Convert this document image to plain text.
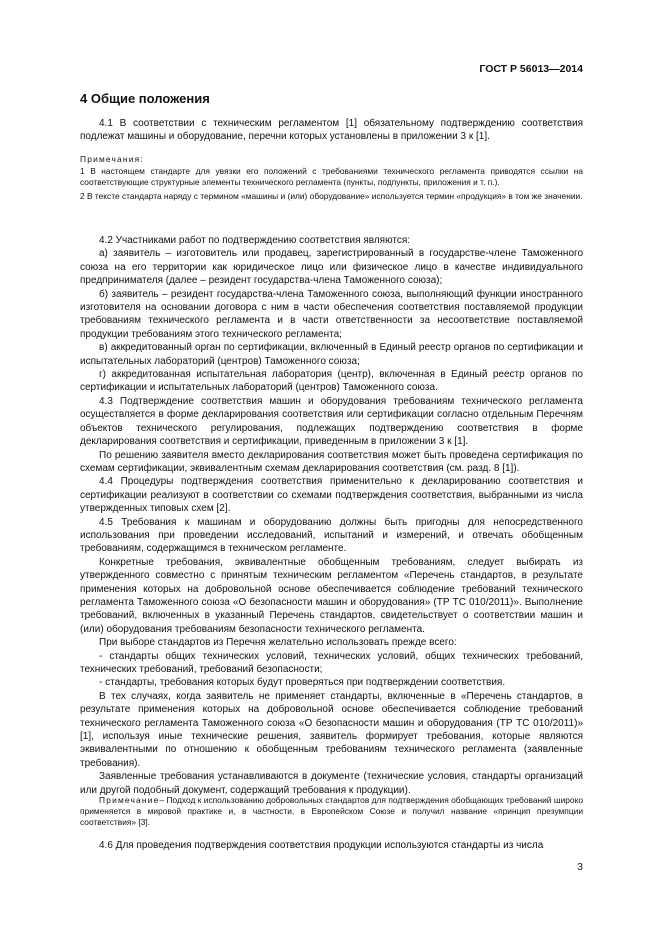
ГОСТ Р 56013—2014
4 Общие положения

4.1 В соответствии с техническим регламентом [1] обязательному подтверждению соответствия подлежат машины и оборудование, перечни которых установлены в приложении 3 к [1].

Примечания:

1 В настоящем стандарте для увязки его положений с требованиями технического регламента приводятся ссылки на соответствующие структурные элементы технического регламента (пункты, подпункты, приложения и т. п.).

2 В тексте стандарта наряду с термином «машины и (или) оборудование» используется термин «продукция» в том же значении.

4.2 Участниками работ по подтверждению соответствия являются:

а) заявитель – изготовитель или продавец, зарегистрированный в государстве-члене Таможенного союза на его территории как юридическое лицо или физическое лицо в качестве индивидуального предпринимателя (далее – резидент государства-члена Таможенного союза);

б) заявитель – резидент государства-члена Таможенного союза, выполняющий функции иностранного изготовителя на основании договора с ним в части обеспечения соответствия поставляемой продукции требованиям технического регламента и в части ответственности за несоответствие поставляемой продукции требованиям этого технического регламента;

в) аккредитованный орган по сертификации, включенный в Единый реестр органов по сертификации и испытательных лабораторий (центров) Таможенного союза;

г) аккредитованная испытательная лаборатория (центр), включенная в Единый реестр органов по сертификации и испытательных лабораторий (центров) Таможенного союза.

4.3 Подтверждение соответствия машин и оборудования требованиям технического регламента осуществляется в форме декларирования соответствия или сертификации согласно отдельным Перечням объектов технического регулирования, подлежащих подтверждению соответствия в форме декларирования соответствия и сертификации, приведенным в приложении 3 к [1].

По решению заявителя вместо декларирования соответствия может быть проведена сертификация по схемам сертификации, эквивалентным схемам декларирования соответствия (см. разд. 8 [1]).

4.4 Процедуры подтверждения соответствия применительно к декларированию соответствия и сертификации реализуют в соответствии со схемами подтверждения соответствия, выбранными из числа утвержденных типовых схем [2].

4.5 Требования к машинам и оборудованию должны быть пригодны для непосредственного использования при проведении исследований, испытаний и измерений, и отвечать обобщенным требованиям, содержащимся в техническом регламенте.

Конкретные требования, эквивалентные обобщенным требованиям, следует выбирать из утвержденного совместно с принятым техническим регламентом «Перечень стандартов, в результате применения которых на добровольной основе обеспечивается соблюдение требований технического регламента Таможенного союза «О безопасности машин и оборудования» (ТР ТС 010/2011)». Выполнение требований, включенных в указанный Перечень стандартов, свидетельствует о соответствии машин и (или) оборудования требованиям безопасности технического регламента.

При выборе стандартов из Перечня желательно использовать прежде всего:

- стандарты общих технических условий, технических условий, общих технических требований, технических требований, требований безопасности;

- стандарты, требования которых будут проверяться при подтверждении соответствия.

В тех случаях, когда заявитель не применяет стандарты, включенные в «Перечень стандартов, в результате применения которых на добровольной основе обеспечивается соблюдение требований технического регламента Таможенного союза «О безопасности машин и оборудования (ТР ТС 010/2011)» [1], используя иные технические решения, заявитель формирует требования, которые являются эквивалентными по отношению к обобщенным требованиям технического регламента (заявленные требования).

Заявленные требования устанавливаются в документе (технические условия, стандарты организаций или другой подобный документ, содержащий требования к продукции).

Примечание– Подход к использованию добровольных стандартов для подтверждения обобщающих требований широко применяется в мировой практике и, в частности, в Европейском Союзе и получил название «принцип презумпции соответствия» [3].

4.6 Для проведения подтверждения соответствия продукции используются стандарты из числа

3
